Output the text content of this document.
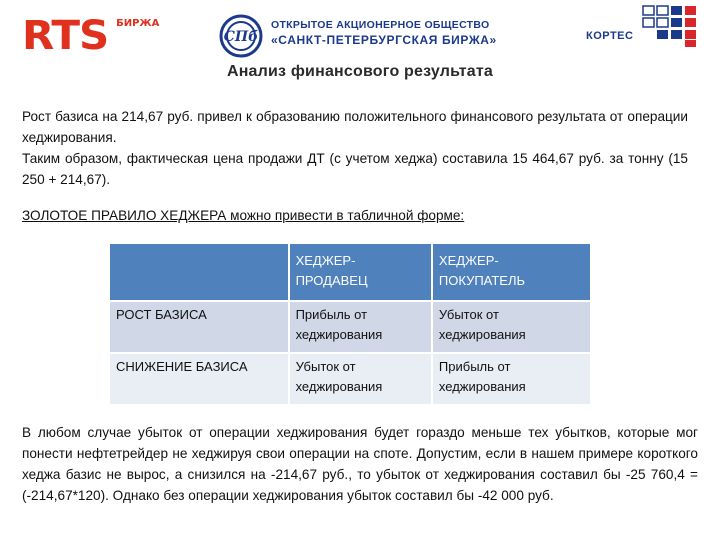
RTS БИРЖА
СПб
ОТКРЫТОЕ АКЦИОНЕРНОЕ ОБЩЕСТВО
«САНКТ-ПЕТЕРБУРГСКАЯ БИРЖА»	КОРТЕС
Анализ финансового результата

Рост базиса на 214,67 руб. привел к образованию положительного финансового результата от операции хеджирования.

Таким образом, фактическая цена продажи ДТ (с учетом хеджа) составила 15 464,67 руб. за тонну (15 250 + 214,67).

ЗОЛОТОЕ ПРАВИЛО ХЕДЖЕРА можно привести в табличной форме:
	ХЕДЖЕР-ПРОДАВЕЦ	ХЕДЖЕР-ПОКУПАТЕЛЬ
РОСТ БАЗИСА	Прибыль от хеджирования	Убыток от хеджирования
СНИЖЕНИЕ БАЗИСА	Убыток от хеджирования	Прибыль от хеджирования

В любом случае убыток от операции хеджирования будет гораздо меньше тех убытков, которые мог понести нефтетрейдер не хеджируя свои операции на споте. Допустим, если в нашем примере короткого хеджа базис не вырос, а снизился на -214,67 руб., то убыток от хеджирования составил бы -25 760,4 = (-214,67*120). Однако без операции хеджирования убыток составил бы -42 000 руб.
